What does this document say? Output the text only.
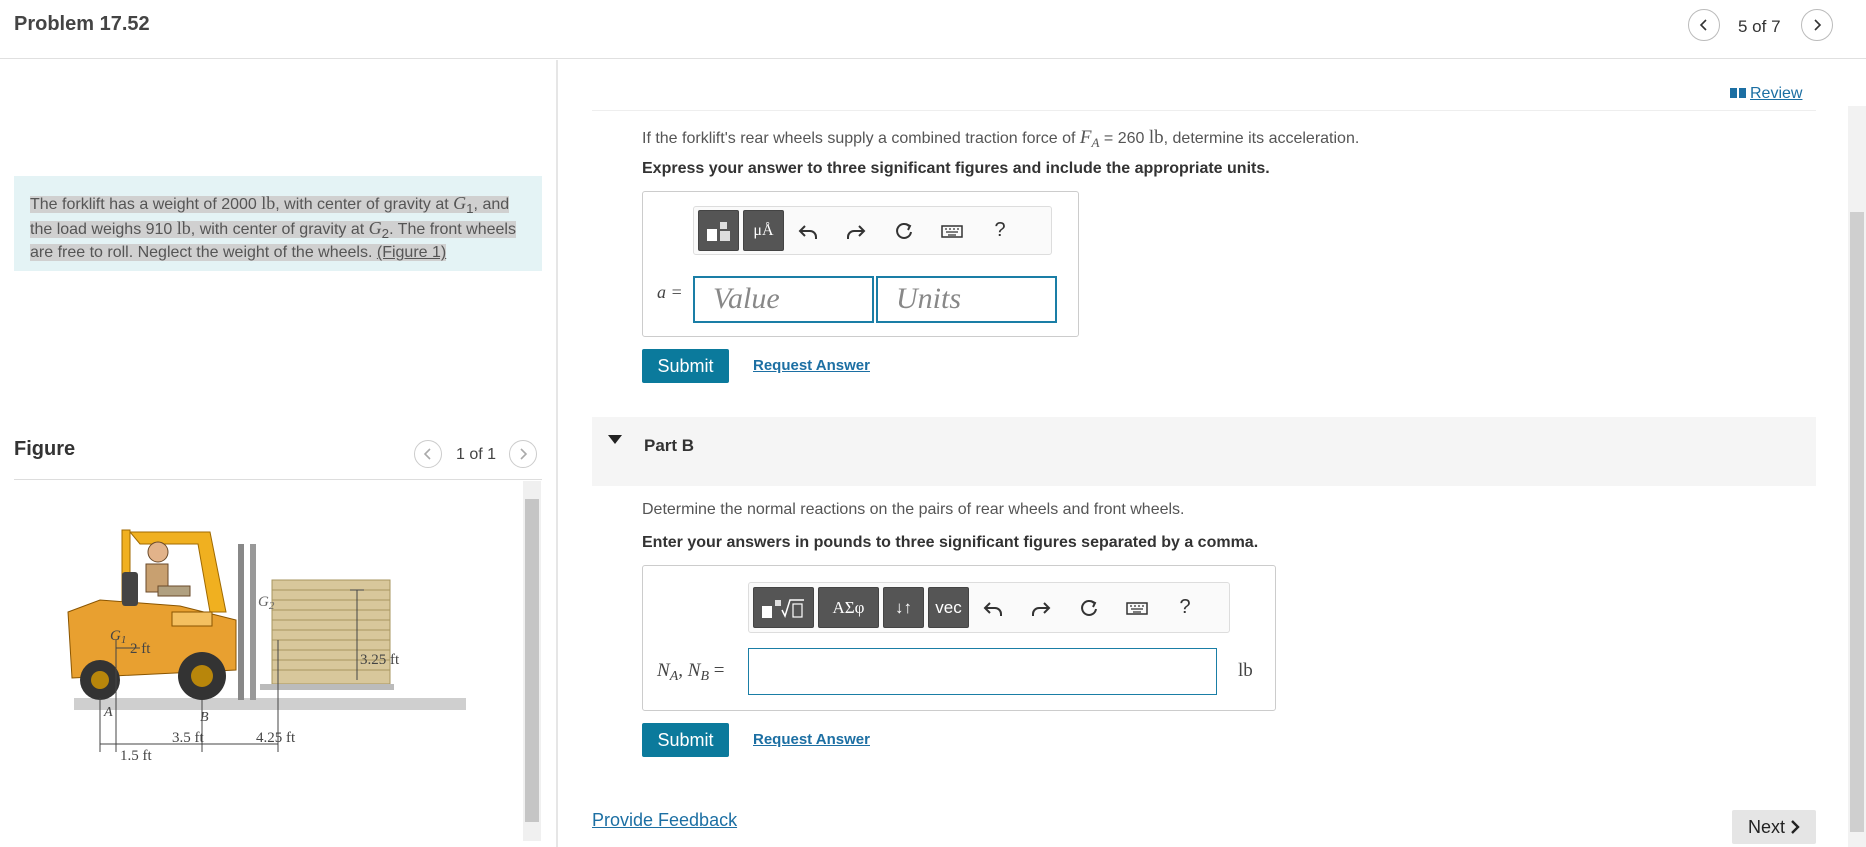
Problem 17.52	5 of 7
The forklift has a weight of 2000 lb, with center of gravity at $G_1$, and the load weighs 910 lb, with center of gravity at $G_2$. The front wheels are free to roll. Neglect the weight of the wheels. (Figure 1)
Figure	1 of 1
$G_1$
$G_2$
2 ft
A	B
3.25 ft
1.5 ft
3.5 ft	4.25 ft
Review
If the forklift's rear wheels supply a combined traction force of $F_A = 260$ lb, determine its acceleration.
Express your answer to three significant figures and include the appropriate units.
μÅ	?
a =	Value	Units
Submit	Request Answer
Part B
Determine the normal reactions on the pairs of rear wheels and front wheels.
Enter your answers in pounds to three significant figures separated by a comma.
ΑΣφ ↓↑ vec	?
$N_A$, $N_B$ =	lb
Submit	Request Answer
Provide Feedback	Next
